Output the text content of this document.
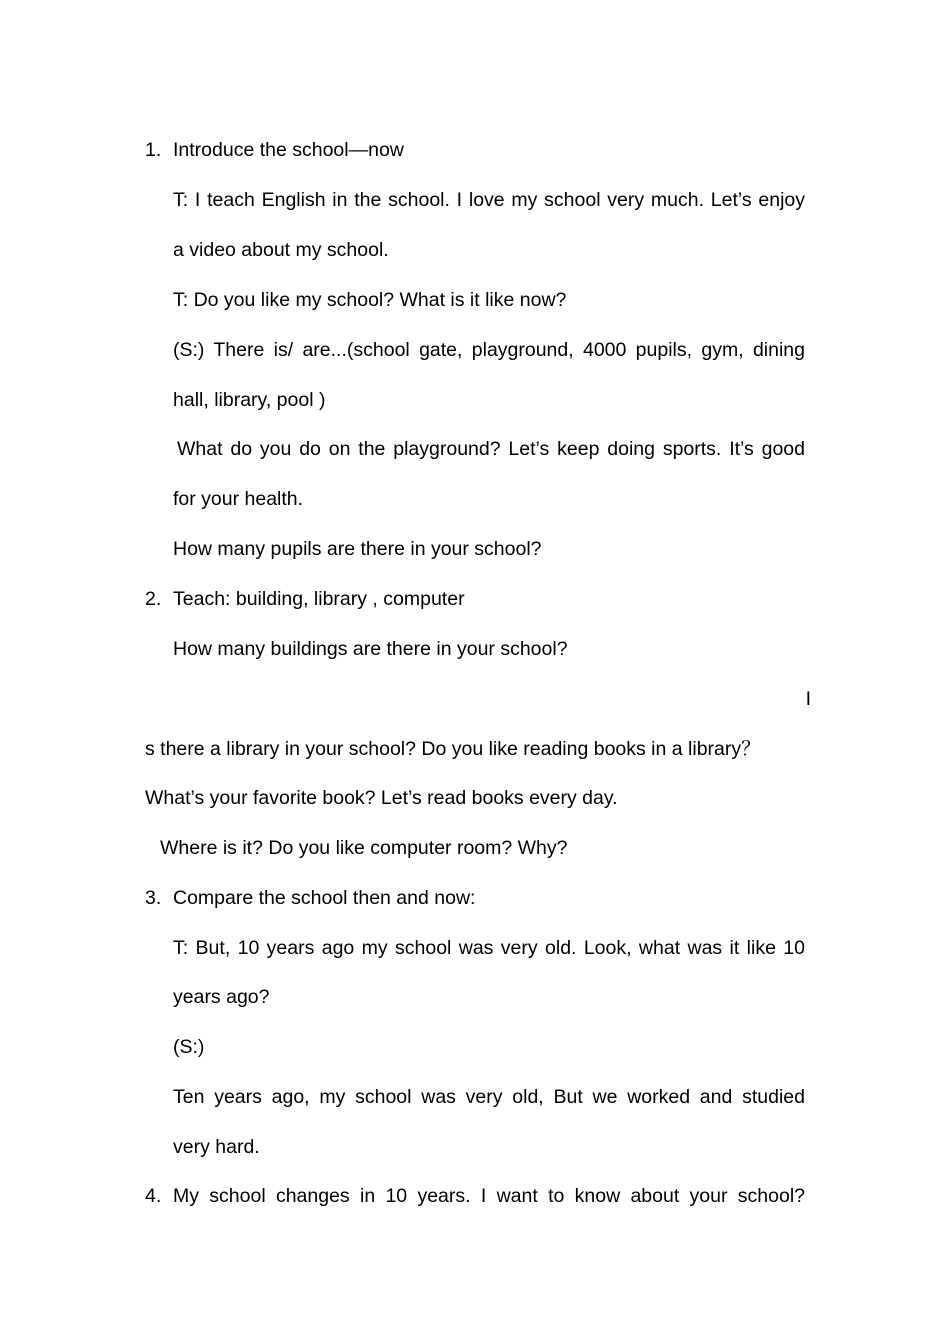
1. Introduce the school—now
T: I teach English in the school. I love my school very much. Let’s enjoy
a video about my school.
T: Do you like my school? What is it like now?
(S:) There is/ are...(school gate, playground, 4000 pupils, gym, dining
hall, library, pool )
What do you do on the playground? Let’s keep doing sports. It’s good
for your health.
How many pupils are there in your school?
2. Teach: building, library , computer
How many buildings are there in your school?
I
s there a library in your school? Do you like reading books in a library？
What’s your favorite book? Let’s read books every day.
Where is it? Do you like computer room? Why?
3. Compare the school then and now:
T: But, 10 years ago my school was very old. Look, what was it like 10
years ago?
(S:)
Ten years ago, my school was very old, But we worked and studied
very hard.
4. My school changes in 10 years. I want to know about your school?
